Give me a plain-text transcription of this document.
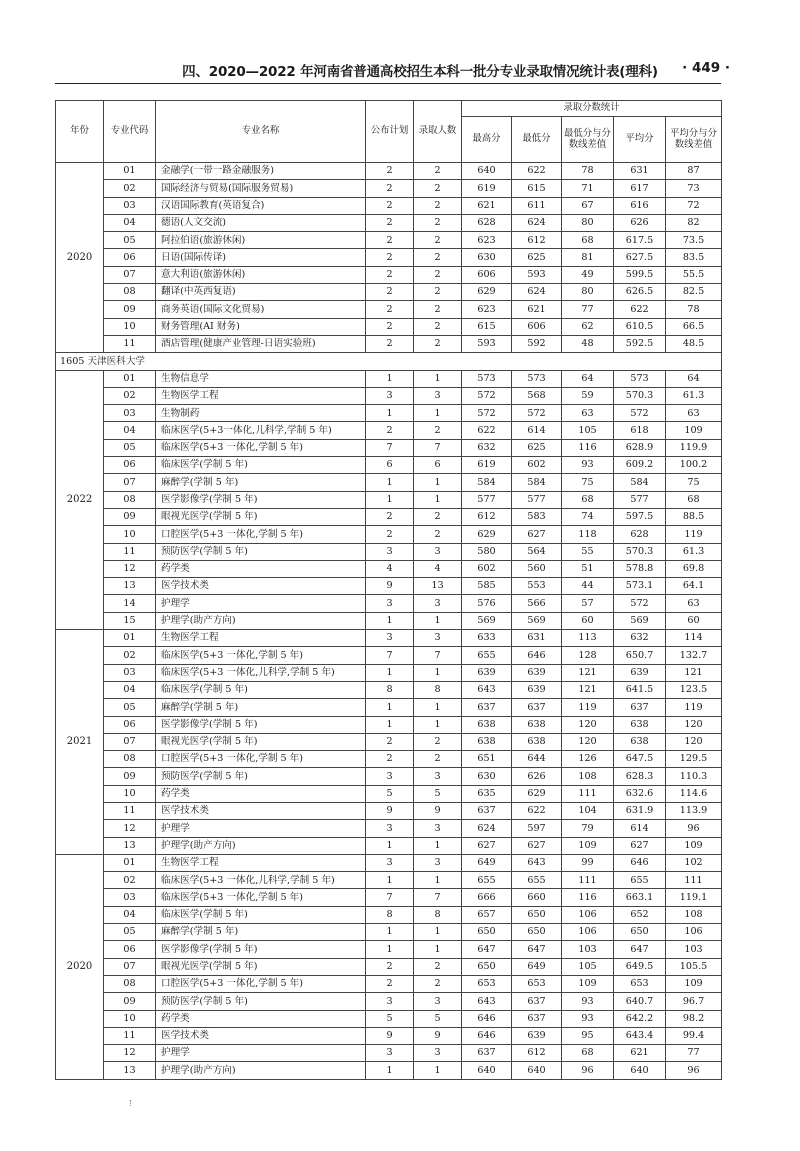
四、2020—2022 年河南省普通高校招生本科一批分专业录取情况统计表(理科)	· 449 ·
年份	专业代码	专业名称	公布计划	录取人数	录取分数统计				
					最高分	最低分	最低分与分数线差值	平均分	平均分与分数线差值
2020	01	金融学(一带一路金融服务)	2	2	640	622	78	631	87
	02	国际经济与贸易(国际服务贸易)	2	2	619	615	71	617	73
	03	汉语国际教育(英语复合)	2	2	621	611	67	616	72
	04	德语(人文交流)	2	2	628	624	80	626	82
	05	阿拉伯语(旅游休闲)	2	2	623	612	68	617.5	73.5
	06	日语(国际传译)	2	2	630	625	81	627.5	83.5
	07	意大利语(旅游休闲)	2	2	606	593	49	599.5	55.5
	08	翻译(中英西复语)	2	2	629	624	80	626.5	82.5
	09	商务英语(国际文化贸易)	2	2	623	621	77	622	78
	10	财务管理(AI 财务)	2	2	615	606	62	610.5	66.5
	11	酒店管理(健康产业管理-日语实验班)	2	2	593	592	48	592.5	48.5
1605 天津医科大学									
2022	01	生物信息学	1	1	573	573	64	573	64
	02	生物医学工程	3	3	572	568	59	570.3	61.3
	03	生物制药	1	1	572	572	63	572	63
	04	临床医学(5+3一体化,儿科学,学制 5 年)	2	2	622	614	105	618	109
	05	临床医学(5+3 一体化,学制 5 年)	7	7	632	625	116	628.9	119.9
	06	临床医学(学制 5 年)	6	6	619	602	93	609.2	100.2
	07	麻醉学(学制 5 年)	1	1	584	584	75	584	75
	08	医学影像学(学制 5 年)	1	1	577	577	68	577	68
	09	眼视光医学(学制 5 年)	2	2	612	583	74	597.5	88.5
	10	口腔医学(5+3 一体化,学制 5 年)	2	2	629	627	118	628	119
	11	预防医学(学制 5 年)	3	3	580	564	55	570.3	61.3
	12	药学类	4	4	602	560	51	578.8	69.8
	13	医学技术类	9	13	585	553	44	573.1	64.1
	14	护理学	3	3	576	566	57	572	63
	15	护理学(助产方向)	1	1	569	569	60	569	60
2021	01	生物医学工程	3	3	633	631	113	632	114
	02	临床医学(5+3 一体化,学制 5 年)	7	7	655	646	128	650.7	132.7
	03	临床医学(5+3 一体化,儿科学,学制 5 年)	1	1	639	639	121	639	121
	04	临床医学(学制 5 年)	8	8	643	639	121	641.5	123.5
	05	麻醉学(学制 5 年)	1	1	637	637	119	637	119
	06	医学影像学(学制 5 年)	1	1	638	638	120	638	120
	07	眼视光医学(学制 5 年)	2	2	638	638	120	638	120
	08	口腔医学(5+3 一体化,学制 5 年)	2	2	651	644	126	647.5	129.5
	09	预防医学(学制 5 年)	3	3	630	626	108	628.3	110.3
	10	药学类	5	5	635	629	111	632.6	114.6
	11	医学技术类	9	9	637	622	104	631.9	113.9
	12	护理学	3	3	624	597	79	614	96
	13	护理学(助产方向)	1	1	627	627	109	627	109
2020	01	生物医学工程	3	3	649	643	99	646	102
	02	临床医学(5+3 一体化,儿科学,学制 5 年)	1	1	655	655	111	655	111
	03	临床医学(5+3 一体化,学制 5 年)	7	7	666	660	116	663.1	119.1
	04	临床医学(学制 5 年)	8	8	657	650	106	652	108
	05	麻醉学(学制 5 年)	1	1	650	650	106	650	106
	06	医学影像学(学制 5 年)	1	1	647	647	103	647	103
	07	眼视光医学(学制 5 年)	2	2	650	649	105	649.5	105.5
	08	口腔医学(5+3 一体化,学制 5 年)	2	2	653	653	109	653	109
	09	预防医学(学制 5 年)	3	3	643	637	93	640.7	96.7
	10	药学类	5	5	646	637	93	642.2	98.2
	11	医学技术类	9	9	646	639	95	643.4	99.4
	12	护理学	3	3	637	612	68	621	77
	13	护理学(助产方向)	1	1	640	640	96	640	96
